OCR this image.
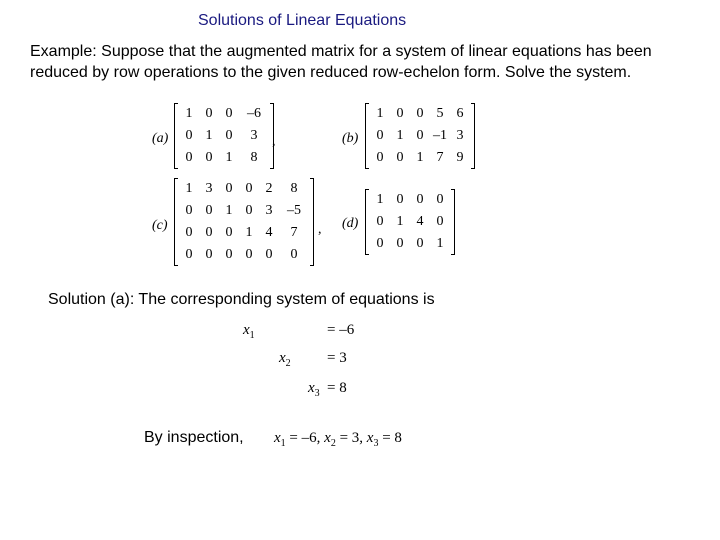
Solutions of Linear Equations
Example: Suppose that the augmented matrix for a system of linear equations has been reduced by row operations to the given reduced row-echelon form. Solve the system.
(a)
1	0	0	–6
0	1	0	3
0	0	1	8
,	(b)
1	0	0	5	6
0	1	0	–1	3
0	0	1	7	9
(c)
1	3	0	0	2	8
0	0	1	0	3	–5
0	0	0	1	4	7
0	0	0	0	0	0
, (d)
1	0	0	0
0	1	4	0
0	0	0	1
Solution (a): The corresponding system of equations is
$x_1$	= –6
$x_2 = 3$
$x_3 = 8$
By inspection, $x_1 = -6$, $x_2 = 3$, $x_3 = 8$
